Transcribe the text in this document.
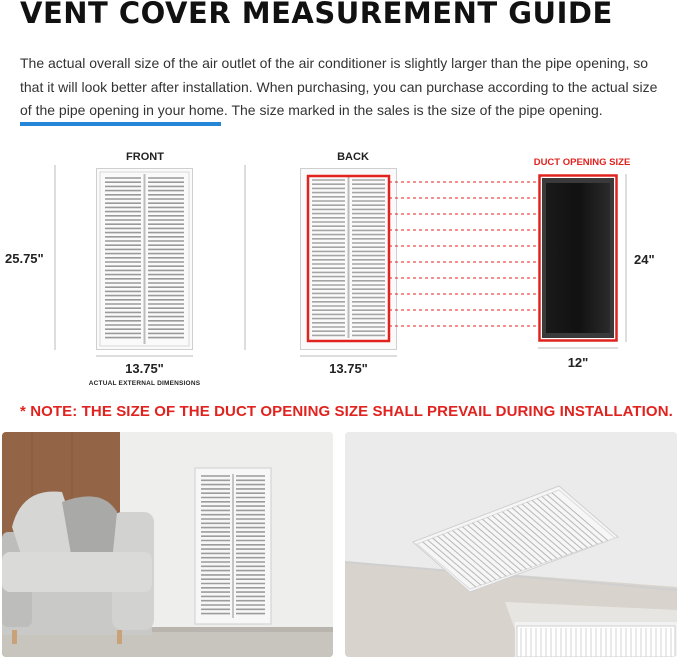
VENT COVER MEASUREMENT GUIDE

The actual overall size of the air outlet of the air conditioner is slightly larger than the pipe opening, so that it will look better after installation. When purchasing, you can purchase according to the actual size of the pipe opening in your home. The size marked in the sales is the size of the pipe opening.

FRONT
25.75"
13.75"
ACTUAL EXTERNAL DIMENSIONS
BACK
13.75"
DUCT OPENING SIZE
24"
12"

* NOTE: THE SIZE OF THE DUCT OPENING SIZE SHALL PREVAIL DURING INSTALLATION.
